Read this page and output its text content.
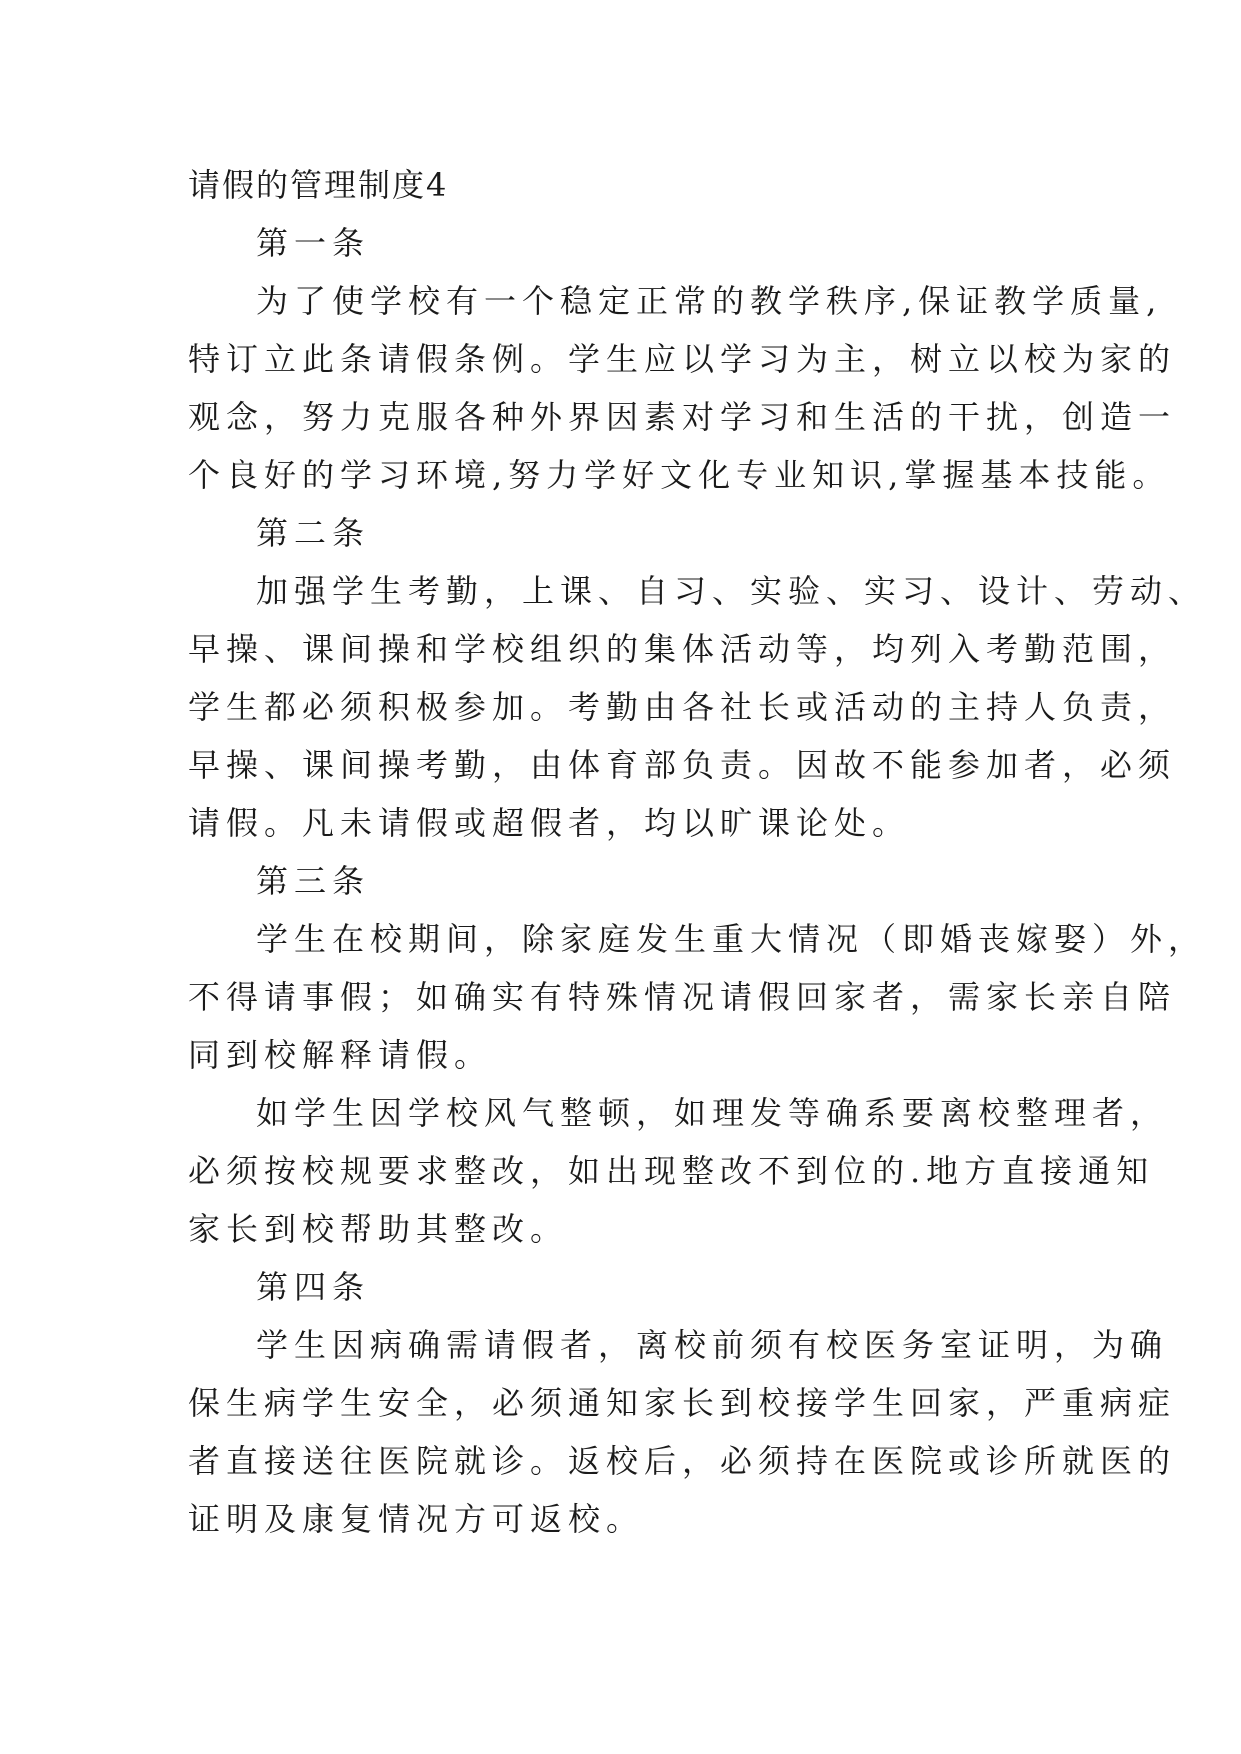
请假的管理制度4
第一条
为了使学校有一个稳定正常的教学秩序,保证教学质量,
特订立此条请假条例。学生应以学习为主，树立以校为家的
观念，努力克服各种外界因素对学习和生活的干扰，创造一
个良好的学习环境,努力学好文化专业知识,掌握基本技能。
第二条
加强学生考勤，上课、自习、实验、实习、设计、劳动、
早操、课间操和学校组织的集体活动等，均列入考勤范围，
学生都必须积极参加。考勤由各社长或活动的主持人负责，
早操、课间操考勤，由体育部负责。因故不能参加者，必须
请假。凡未请假或超假者，均以旷课论处。
第三条
学生在校期间，除家庭发生重大情况（即婚丧嫁娶）外，
不得请事假；如确实有特殊情况请假回家者，需家长亲自陪
同到校解释请假。
如学生因学校风气整顿，如理发等确系要离校整理者，
必须按校规要求整改，如出现整改不到位的.地方直接通知
家长到校帮助其整改。
第四条
学生因病确需请假者，离校前须有校医务室证明，为确
保生病学生安全，必须通知家长到校接学生回家，严重病症
者直接送往医院就诊。返校后，必须持在医院或诊所就医的
证明及康复情况方可返校。
